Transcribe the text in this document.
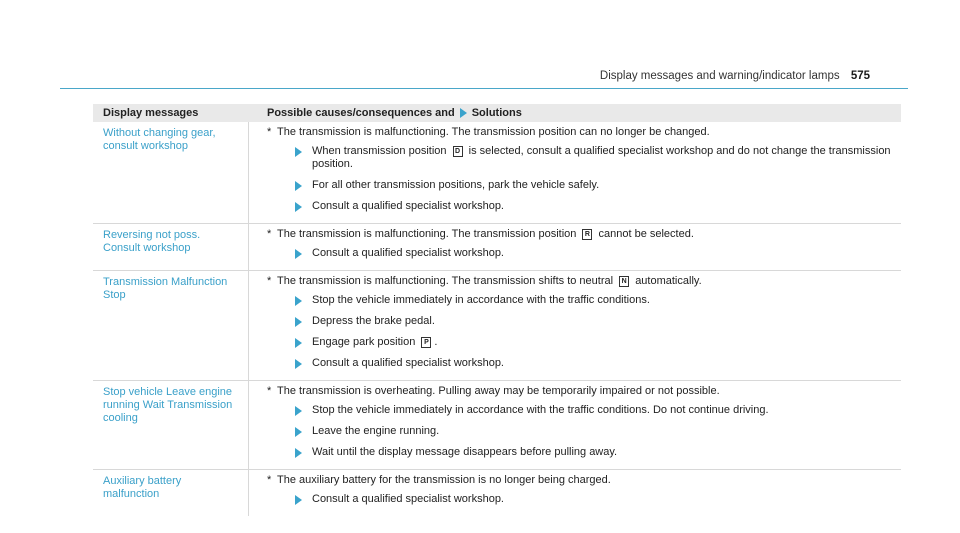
Display messages and warning/indicator lamps 575
Display messages	Possible causes/consequences and Solutions
Without changing gear, consult workshop
* The transmission is malfunctioning. The transmission position can no longer be changed.
When transmission position D is selected, consult a qualified specialist workshop and do not change the transmission position.
For all other transmission positions, park the vehicle safely.
Consult a qualified specialist workshop.
Reversing not poss. Consult workshop
* The transmission is malfunctioning. The transmission position R cannot be selected.
Consult a qualified specialist workshop.
Transmission Malfunction Stop
* The transmission is malfunctioning. The transmission shifts to neutral N automatically.
Stop the vehicle immediately in accordance with the traffic conditions.
Depress the brake pedal.
Engage park position P .
Consult a qualified specialist workshop.
Stop vehicle Leave engine running Wait Transmission cooling
* The transmission is overheating. Pulling away may be temporarily impaired or not possible.
Stop the vehicle immediately in accordance with the traffic conditions. Do not continue driving.
Leave the engine running.
Wait until the display message disappears before pulling away.
Auxiliary battery malfunction
* The auxiliary battery for the transmission is no longer being charged.
Consult a qualified specialist workshop.
